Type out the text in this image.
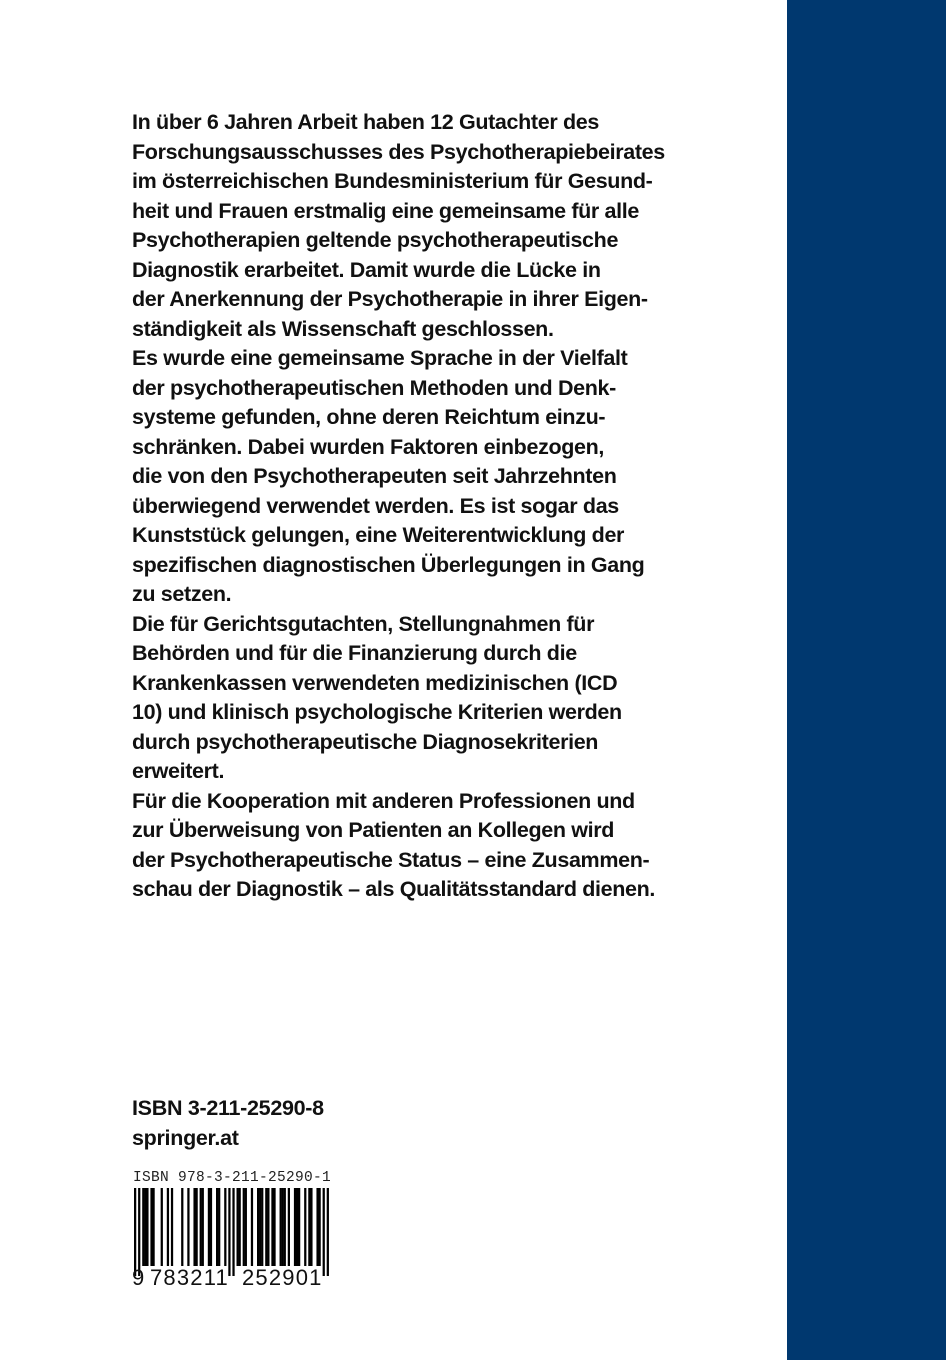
In über 6 Jahren Arbeit haben 12 Gutachter des
Forschungsausschusses des Psychotherapiebeirates
im österreichischen Bundesministerium für Gesund-
heit und Frauen erstmalig eine gemeinsame für alle
Psychotherapien geltende psychotherapeutische
Diagnostik erarbeitet. Damit wurde die Lücke in
der Anerkennung der Psychotherapie in ihrer Eigen-
ständigkeit als Wissenschaft geschlossen.
Es wurde eine gemeinsame Sprache in der Vielfalt
der psychotherapeutischen Methoden und Denk-
systeme gefunden, ohne deren Reichtum einzu-
schränken. Dabei wurden Faktoren einbezogen,
die von den Psychotherapeuten seit Jahrzehnten
überwiegend verwendet werden. Es ist sogar das
Kunststück gelungen, eine Weiterentwicklung der
spezifischen diagnostischen Überlegungen in Gang
zu setzen.
Die für Gerichtsgutachten, Stellungnahmen für
Behörden und für die Finanzierung durch die
Krankenkassen verwendeten medizinischen (ICD
10) und klinisch psychologische Kriterien werden
durch psychotherapeutische Diagnosekriterien
erweitert.
Für die Kooperation mit anderen Professionen und
zur Überweisung von Patienten an Kollegen wird
der Psychotherapeutische Status – eine Zusammen-
schau der Diagnostik – als Qualitätsstandard dienen.
ISBN 3-211-25290-8
springer.at
ISBN 978-3-211-25290-1
9 783211 252901
